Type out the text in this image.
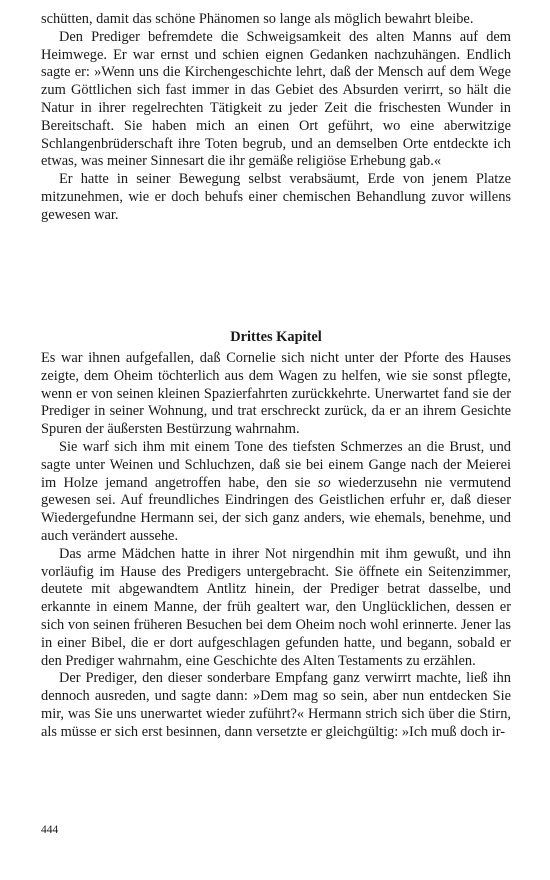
schütten, damit das schöne Phänomen so lange als möglich bewahrt bleibe.

Den Prediger befremdete die Schweigsamkeit des alten Manns auf dem Heimwege. Er war ernst und schien eignen Gedanken nachzuhängen. Endlich sagte er: »Wenn uns die Kirchengeschichte lehrt, daß der Mensch auf dem Wege zum Göttlichen sich fast immer in das Gebiet des Absurden verirrt, so hält die Natur in ihrer regelrechten Tätigkeit zu jeder Zeit die frischesten Wunder in Bereitschaft. Sie haben mich an einen Ort geführt, wo eine aberwitzige Schlangenbrüderschaft ihre Toten begrub, und an demselben Orte entdeckte ich etwas, was meiner Sinnesart die ihr gemäße religiöse Erhebung gab.«

Er hatte in seiner Bewegung selbst verabsäumt, Erde von jenem Platze mitzunehmen, wie er doch behufs einer chemischen Behandlung zuvor willens gewesen war.

Drittes Kapitel

Es war ihnen aufgefallen, daß Cornelie sich nicht unter der Pforte des Hauses zeigte, dem Oheim töchterlich aus dem Wagen zu helfen, wie sie sonst pflegte, wenn er von seinen kleinen Spazierfahrten zurückkehrte. Unerwartet fand sie der Prediger in seiner Wohnung, und trat erschreckt zurück, da er an ihrem Gesichte Spuren der äußersten Bestürzung wahrnahm.

Sie warf sich ihm mit einem Tone des tiefsten Schmerzes an die Brust, und sagte unter Weinen und Schluchzen, daß sie bei einem Gange nach der Meierei im Holze jemand angetroffen habe, den sie so wiederzusehn nie vermutend gewesen sei. Auf freundliches Eindringen des Geistlichen erfuhr er, daß dieser Wiedergefundne Hermann sei, der sich ganz anders, wie ehemals, benehme, und auch verändert aussehe.

Das arme Mädchen hatte in ihrer Not nirgendhin mit ihm gewußt, und ihn vorläufig im Hause des Predigers untergebracht. Sie öffnete ein Seitenzimmer, deutete mit abgewandtem Antlitz hinein, der Prediger betrat dasselbe, und erkannte in einem Manne, der früh gealtert war, den Unglücklichen, dessen er sich von seinen früheren Besuchen bei dem Oheim noch wohl erinnerte. Jener las in einer Bibel, die er dort aufgeschlagen gefunden hatte, und begann, sobald er den Prediger wahrnahm, eine Geschichte des Alten Testaments zu erzählen.

Der Prediger, den dieser sonderbare Empfang ganz verwirrt machte, ließ ihn dennoch ausreden, und sagte dann: »Dem mag so sein, aber nun entdecken Sie mir, was Sie uns unerwartet wieder zuführt?« Hermann strich sich über die Stirn, als müsse er sich erst besinnen, dann versetzte er gleichgültig: »Ich muß doch ir-

444
